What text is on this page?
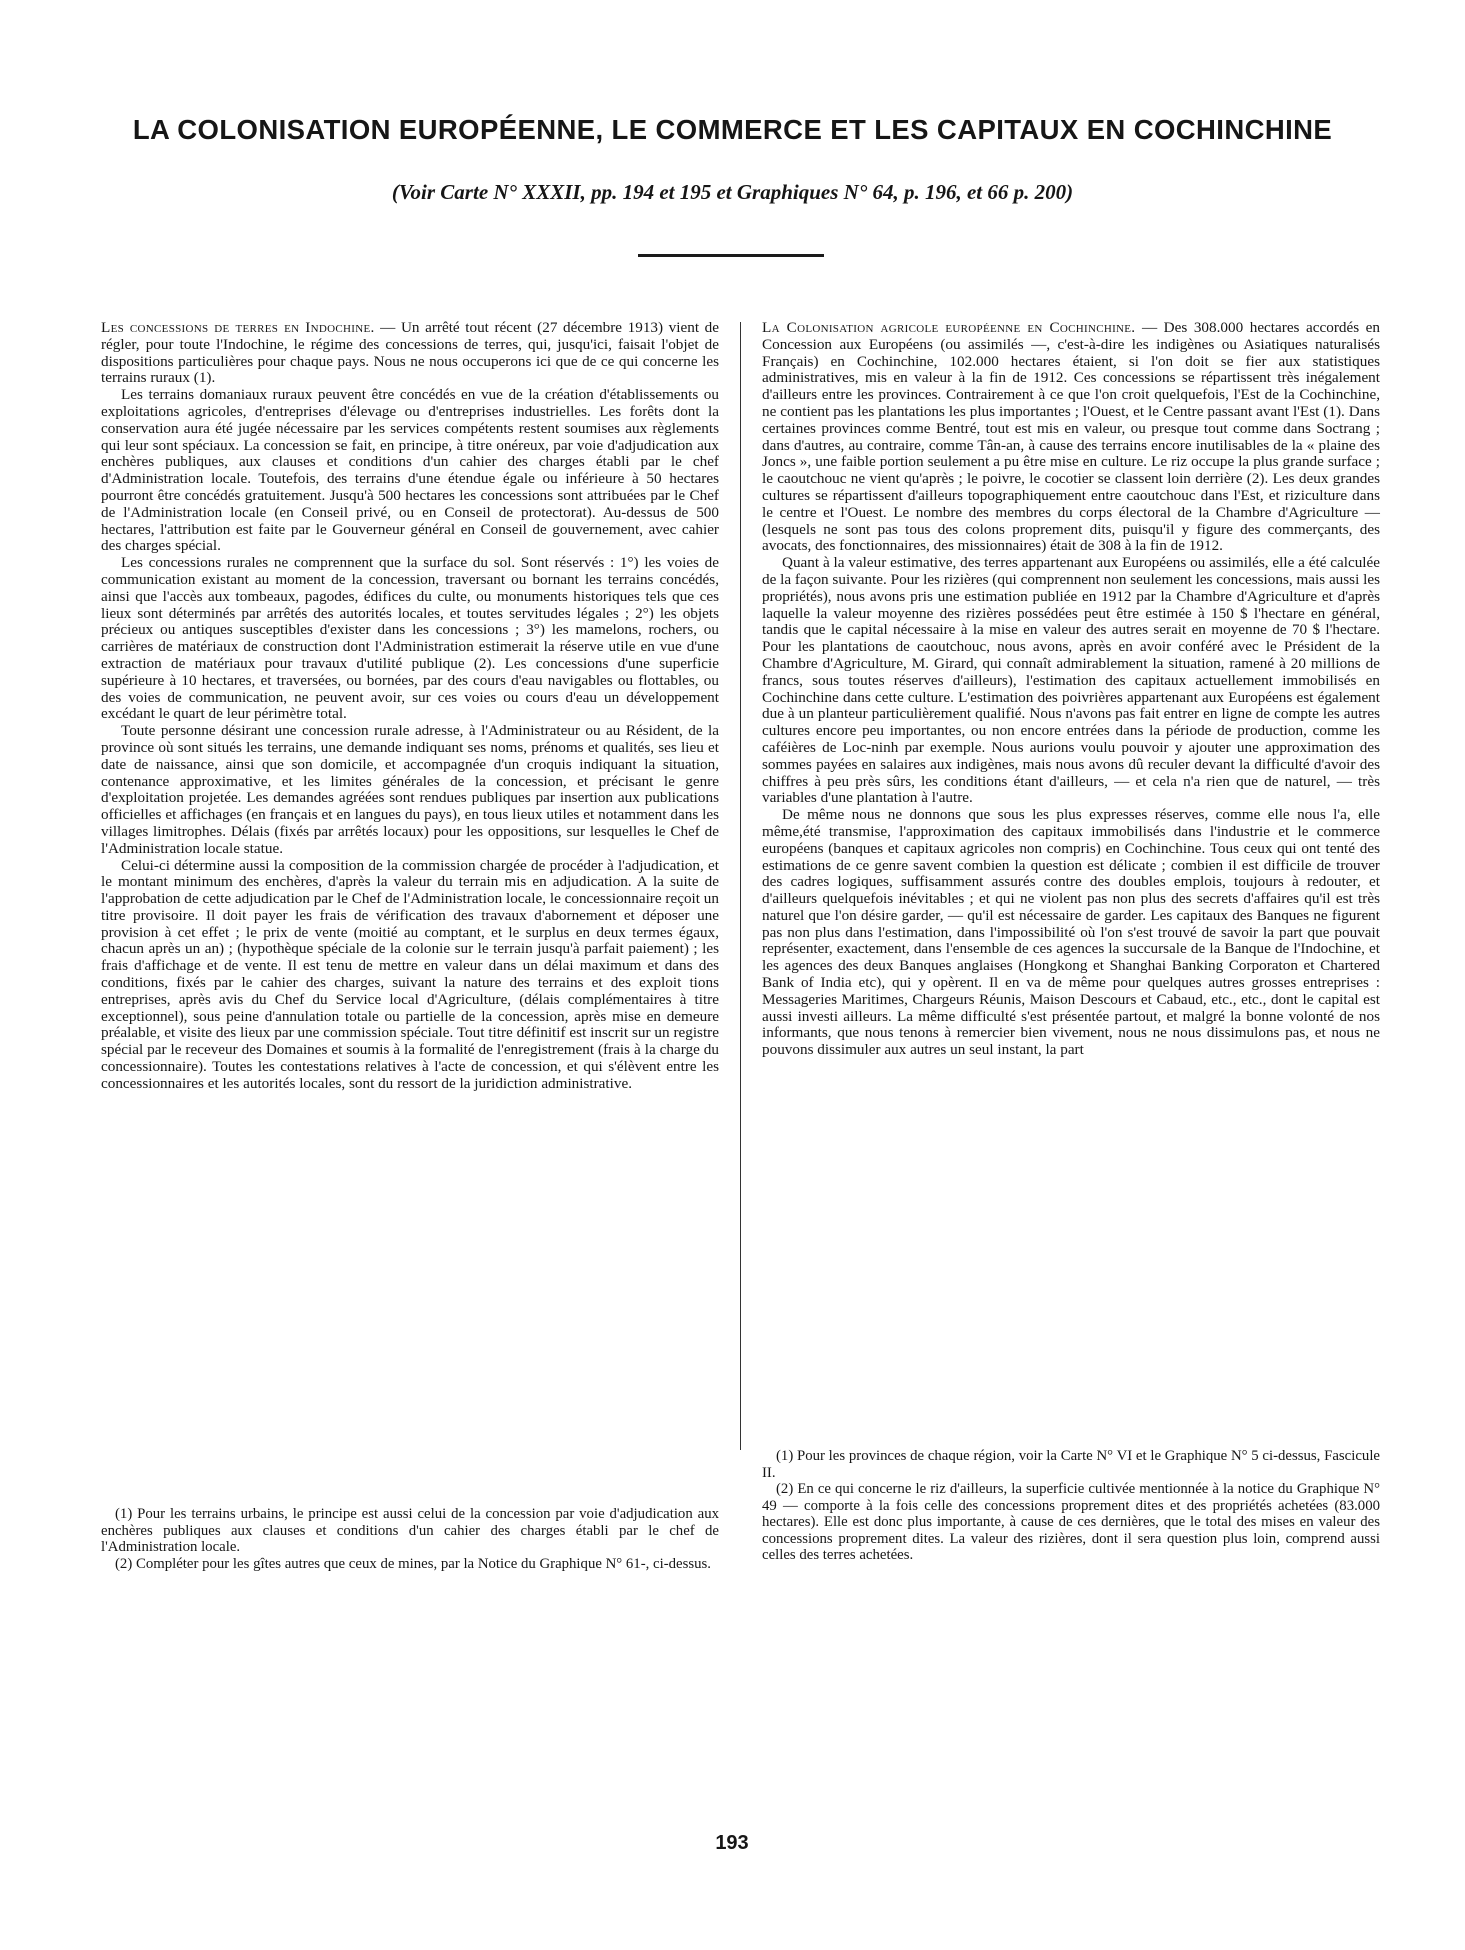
LA COLONISATION EUROPÉENNE, LE COMMERCE ET LES CAPITAUX EN COCHINCHINE
(Voir Carte N° XXXII, pp. 194 et 195 et Graphiques N° 64, p. 196, et 66 p. 200)

Les concessions de terres en Indochine. — Un arrêté tout récent (27 décembre 1913) vient de régler, pour toute l'Indochine, le régime des concessions de terres, qui, jusqu'ici, faisait l'objet de dispositions particulières pour chaque pays. Nous ne nous occuperons ici que de ce qui concerne les terrains ruraux (1).

Les terrains domaniaux ruraux peuvent être concédés en vue de la création d'établissements ou exploitations agricoles, d'entreprises d'élevage ou d'entreprises industrielles. Les forêts dont la conservation aura été jugée nécessaire par les services compétents restent soumises aux règlements qui leur sont spéciaux. La concession se fait, en principe, à titre onéreux, par voie d'adjudication aux enchères publiques, aux clauses et conditions d'un cahier des charges établi par le chef d'Administration locale. Toutefois, des terrains d'une étendue égale ou inférieure à 50 hectares pourront être concédés gratuitement. Jusqu'à 500 hectares les concessions sont attribuées par le Chef de l'Administration locale (en Conseil privé, ou en Conseil de protectorat). Au-dessus de 500 hectares, l'attribution est faite par le Gouverneur général en Conseil de gouvernement, avec cahier des charges spécial.

Les concessions rurales ne comprennent que la surface du sol. Sont réservés : 1°) les voies de communication existant au moment de la concession, traversant ou bornant les terrains concédés, ainsi que l'accès aux tombeaux, pagodes, édifices du culte, ou monuments historiques tels que ces lieux sont déterminés par arrêtés des autorités locales, et toutes servitudes légales ; 2°) les objets précieux ou antiques susceptibles d'exister dans les concessions ; 3°) les mamelons, rochers, ou carrières de matériaux de construction dont l'Administration estimerait la réserve utile en vue d'une extraction de matériaux pour travaux d'utilité publique (2). Les concessions d'une superficie supérieure à 10 hectares, et traversées, ou bornées, par des cours d'eau navigables ou flottables, ou des voies de communication, ne peuvent avoir, sur ces voies ou cours d'eau un développement excédant le quart de leur périmètre total.

Toute personne désirant une concession rurale adresse, à l'Administrateur ou au Résident, de la province où sont situés les terrains, une demande indiquant ses noms, prénoms et qualités, ses lieu et date de naissance, ainsi que son domicile, et accompagnée d'un croquis indiquant la situation, contenance approximative, et les limites générales de la concession, et précisant le genre d'exploitation projetée. Les demandes agréées sont rendues publiques par insertion aux publications officielles et affichages (en français et en langues du pays), en tous lieux utiles et notamment dans les villages limitrophes. Délais (fixés par arrêtés locaux) pour les oppositions, sur lesquelles le Chef de l'Administration locale statue.

Celui-ci détermine aussi la composition de la commission chargée de procéder à l'adjudication, et le montant minimum des enchères, d'après la valeur du terrain mis en adjudication. A la suite de l'approbation de cette adjudication par le Chef de l'Administration locale, le concessionnaire reçoit un titre provisoire. Il doit payer les frais de vérification des travaux d'abornement et déposer une provision à cet effet ; le prix de vente (moitié au comptant, et le surplus en deux termes égaux, chacun après un an) ; (hypothèque spéciale de la colonie sur le terrain jusqu'à parfait paiement) ; les frais d'affichage et de vente. Il est tenu de mettre en valeur dans un délai maximum et dans des conditions, fixés par le cahier des charges, suivant la nature des terrains et des exploit tions entreprises, après avis du Chef du Service local d'Agriculture, (délais complémentaires à titre exceptionnel), sous peine d'annulation totale ou partielle de la concession, après mise en demeure préalable, et visite des lieux par une commission spéciale. Tout titre définitif est inscrit sur un registre spécial par le receveur des Domaines et soumis à la formalité de l'enregistrement (frais à la charge du concessionnaire). Toutes les contestations relatives à l'acte de concession, et qui s'élèvent entre les concessionnaires et les autorités locales, sont du ressort de la juridiction administrative.

La Colonisation agricole européenne en Cochinchine. — Des 308.000 hectares accordés en Concession aux Européens (ou assimilés —, c'est-à-dire les indigènes ou Asiatiques naturalisés Français) en Cochinchine, 102.000 hectares étaient, si l'on doit se fier aux statistiques administratives, mis en valeur à la fin de 1912. Ces concessions se répartissent très inégalement d'ailleurs entre les provinces. Contrairement à ce que l'on croit quelquefois, l'Est de la Cochinchine, ne contient pas les plantations les plus importantes ; l'Ouest, et le Centre passant avant l'Est (1). Dans certaines provinces comme Bentré, tout est mis en valeur, ou presque tout comme dans Soctrang ; dans d'autres, au contraire, comme Tân-an, à cause des terrains encore inutilisables de la « plaine des Joncs », une faible portion seulement a pu être mise en culture. Le riz occupe la plus grande surface ; le caoutchouc ne vient qu'après ; le poivre, le cocotier se classent loin derrière (2). Les deux grandes cultures se répartissent d'ailleurs topographiquement entre caoutchouc dans l'Est, et riziculture dans le centre et l'Ouest. Le nombre des membres du corps électoral de la Chambre d'Agriculture — (lesquels ne sont pas tous des colons proprement dits, puisqu'il y figure des commerçants, des avocats, des fonctionnaires, des missionnaires) était de 308 à la fin de 1912.

Quant à la valeur estimative, des terres appartenant aux Européens ou assimilés, elle a été calculée de la façon suivante. Pour les rizières (qui comprennent non seulement les concessions, mais aussi les propriétés), nous avons pris une estimation publiée en 1912 par la Chambre d'Agriculture et d'après laquelle la valeur moyenne des rizières possédées peut être estimée à 150 $ l'hectare en général, tandis que le capital nécessaire à la mise en valeur des autres serait en moyenne de 70 $ l'hectare. Pour les plantations de caoutchouc, nous avons, après en avoir conféré avec le Président de la Chambre d'Agriculture, M. Girard, qui connaît admirablement la situation, ramené à 20 millions de francs, sous toutes réserves d'ailleurs), l'estimation des capitaux actuellement immobilisés en Cochinchine dans cette culture. L'estimation des poivrières appartenant aux Européens est également due à un planteur particulièrement qualifié. Nous n'avons pas fait entrer en ligne de compte les autres cultures encore peu importantes, ou non encore entrées dans la période de production, comme les caféières de Loc-ninh par exemple. Nous aurions voulu pouvoir y ajouter une approximation des sommes payées en salaires aux indigènes, mais nous avons dû reculer devant la difficulté d'avoir des chiffres à peu près sûrs, les conditions étant d'ailleurs, — et cela n'a rien que de naturel, — très variables d'une plantation à l'autre.

De même nous ne donnons que sous les plus expresses réserves, comme elle nous l'a, elle même,été transmise, l'approximation des capitaux immobilisés dans l'industrie et le commerce européens (banques et capitaux agricoles non compris) en Cochinchine. Tous ceux qui ont tenté des estimations de ce genre savent combien la question est délicate ; combien il est difficile de trouver des cadres logiques, suffisamment assurés contre des doubles emplois, toujours à redouter, et d'ailleurs quelquefois inévitables ; et qui ne violent pas non plus des secrets d'affaires qu'il est très naturel que l'on désire garder, — qu'il est nécessaire de garder. Les capitaux des Banques ne figurent pas non plus dans l'estimation, dans l'impossibilité où l'on s'est trouvé de savoir la part que pouvait représenter, exactement, dans l'ensemble de ces agences la succursale de la Banque de l'Indochine, et les agences des deux Banques anglaises (Hongkong et Shanghai Banking Corporaton et Chartered Bank of India etc), qui y opèrent. Il en va de même pour quelques autres grosses entreprises : Messageries Maritimes, Chargeurs Réunis, Maison Descours et Cabaud, etc., etc., dont le capital est aussi investi ailleurs. La même difficulté s'est présentée partout, et malgré la bonne volonté de nos informants, que nous tenons à remercier bien vivement, nous ne nous dissimulons pas, et nous ne pouvons dissimuler aux autres un seul instant, la part

(1) Pour les terrains urbains, le principe est aussi celui de la concession par voie d'adjudication aux enchères publiques aux clauses et conditions d'un cahier des charges établi par le chef de l'Administration locale.

(2) Compléter pour les gîtes autres que ceux de mines, par la Notice du Graphique N° 61-, ci-dessus.

(1) Pour les provinces de chaque région, voir la Carte N° VI et le Graphique N° 5 ci-dessus, Fascicule II.

(2) En ce qui concerne le riz d'ailleurs, la superficie cultivée mentionnée à la notice du Graphique N° 49 — comporte à la fois celle des concessions proprement dites et des propriétés achetées (83.000 hectares). Elle est donc plus importante, à cause de ces dernières, que le total des mises en valeur des concessions proprement dites. La valeur des rizières, dont il sera question plus loin, comprend aussi celles des terres achetées.

193
